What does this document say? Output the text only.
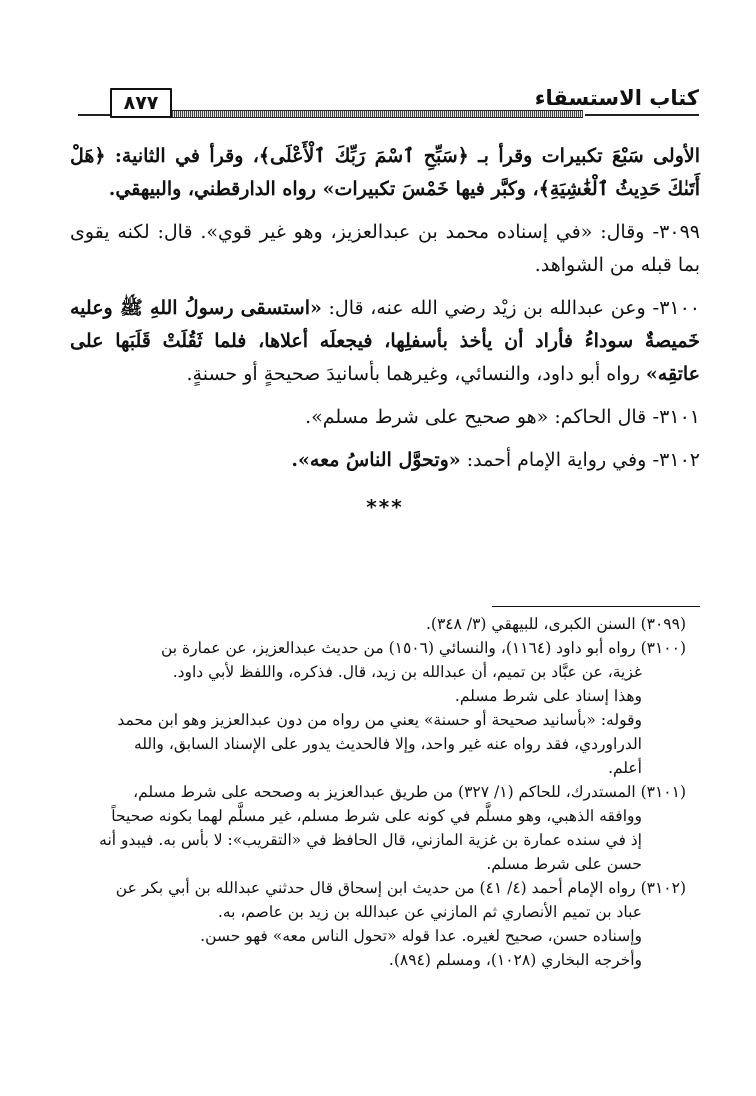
كتاب الاستسقاء
٨٧٧

الأولى سَبْعَ تكبيرات وقرأ بـ ﴿سَبِّحِ ٱسْمَ رَبِّكَ ٱلْأَعْلَى﴾، وقرأ في الثانية: ﴿هَلْ أَتَىٰكَ حَدِيثُ ٱلْغَٰشِيَةِ﴾، وكبَّر فيها خَمْسَ تكبيرات» رواه الدارقطني، والبيهقي.

٣٠٩٩- وقال: «في إسناده محمد بن عبدالعزيز، وهو غير قوي». قال: لكنه يقوى بما قبله من الشواهد.

٣١٠٠- وعن عبدالله بن زيْد رضي الله عنه، قال: «استسقى رسولُ اللهِ ﷺ وعليه خَميصةٌ سوداءُ فأراد أن يأخذ بأسفلِها، فيجعلَه أعلاها، فلما ثَقُلَتْ قَلَبَها على عاتقِه» رواه أبو داود، والنسائي، وغيرهما بأسانيدَ صحيحةٍ أو حسنةٍ.

٣١٠١- قال الحاكم: «هو صحيح على شرط مسلم».

٣١٠٢- وفي رواية الإمام أحمد: «وتحوَّل الناسُ معه».

***

(٣٠٩٩) السنن الكبرى، للبيهقي (٣/ ٣٤٨).

(٣١٠٠) رواه أبو داود (١١٦٤)، والنسائي (١٥٠٦) من حديث عبدالعزيز، عن عمارة بن
غزية، عن عبَّاد بن تميم، أن عبدالله بن زيد، قال. فذكره، واللفظ لأبي داود.
وهذا إسناد على شرط مسلم.
وقوله: «بأسانيد صحيحة أو حسنة» يعني من رواه من دون عبدالعزيز وهو ابن محمد
الدراوردي، فقد رواه عنه غير واحد، وإلا فالحديث يدور على الإسناد السابق، والله
أعلم.

(٣١٠١) المستدرك، للحاكم (١/ ٣٢٧) من طريق عبدالعزيز به وصححه على شرط مسلم،
ووافقه الذهبي، وهو مسلَّم في كونه على شرط مسلم، غير مسلَّم لهما بكونه صحيحاً
إذ في سنده عمارة بن غزية المازني، قال الحافظ في «التقريب»: لا بأس به. فيبدو أنه
حسن على شرط مسلم.

(٣١٠٢) رواه الإمام أحمد (٤/ ٤١) من حديث ابن إسحاق قال حدثني عبدالله بن أبي بكر عن
عباد بن تميم الأنصاري ثم المازني عن عبدالله بن زيد بن عاصم، به.
وإسناده حسن، صحيح لغيره. عدا قوله «تحول الناس معه» فهو حسن.
وأخرجه البخاري (١٠٢٨)، ومسلم (٨٩٤).
